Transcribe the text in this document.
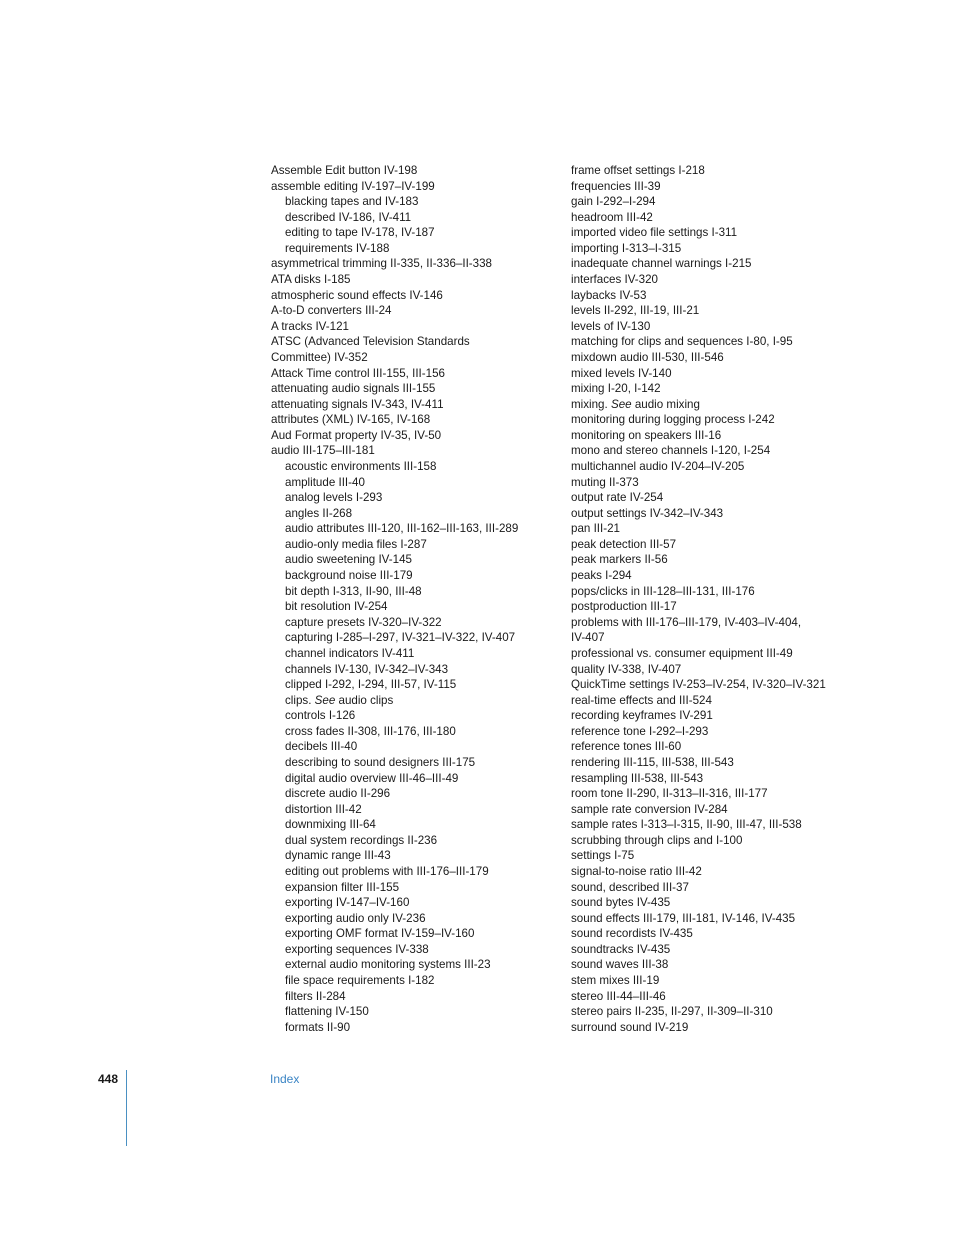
Assemble Edit button IV-198
assemble editing IV-197–IV-199
blacking tapes and IV-183
described IV-186, IV-411
editing to tape IV-178, IV-187
requirements IV-188
asymmetrical trimming II-335, II-336–II-338
ATA disks I-185
atmospheric sound effects IV-146
A-to-D converters III-24
A tracks IV-121
ATSC (Advanced Television Standards
Committee) IV-352
Attack Time control III-155, III-156
attenuating audio signals III-155
attenuating signals IV-343, IV-411
attributes (XML) IV-165, IV-168
Aud Format property IV-35, IV-50
audio III-175–III-181
acoustic environments III-158
amplitude III-40
analog levels I-293
angles II-268
audio attributes III-120, III-162–III-163, III-289
audio-only media files I-287
audio sweetening IV-145
background noise III-179
bit depth I-313, II-90, III-48
bit resolution IV-254
capture presets IV-320–IV-322
capturing I-285–I-297, IV-321–IV-322, IV-407
channel indicators IV-411
channels IV-130, IV-342–IV-343
clipped I-292, I-294, III-57, IV-115
clips. See audio clips
controls I-126
cross fades II-308, III-176, III-180
decibels III-40
describing to sound designers III-175
digital audio overview III-46–III-49
discrete audio II-296
distortion III-42
downmixing III-64
dual system recordings II-236
dynamic range III-43
editing out problems with III-176–III-179
expansion filter III-155
exporting IV-147–IV-160
exporting audio only IV-236
exporting OMF format IV-159–IV-160
exporting sequences IV-338
external audio monitoring systems III-23
file space requirements I-182
filters II-284
flattening IV-150
formats II-90
frame offset settings I-218
frequencies III-39
gain I-292–I-294
headroom III-42
imported video file settings I-311
importing I-313–I-315
inadequate channel warnings I-215
interfaces IV-320
laybacks IV-53
levels II-292, III-19, III-21
levels of IV-130
matching for clips and sequences I-80, I-95
mixdown audio III-530, III-546
mixed levels IV-140
mixing I-20, I-142
mixing. See audio mixing
monitoring during logging process I-242
monitoring on speakers III-16
mono and stereo channels I-120, I-254
multichannel audio IV-204–IV-205
muting II-373
output rate IV-254
output settings IV-342–IV-343
pan III-21
peak detection III-57
peak markers II-56
peaks I-294
pops/clicks in III-128–III-131, III-176
postproduction III-17
problems with III-176–III-179, IV-403–IV-404,
IV-407
professional vs. consumer equipment III-49
quality IV-338, IV-407
QuickTime settings IV-253–IV-254, IV-320–IV-321
real-time effects and III-524
recording keyframes IV-291
reference tone I-292–I-293
reference tones III-60
rendering III-115, III-538, III-543
resampling III-538, III-543
room tone II-290, II-313–II-316, III-177
sample rate conversion IV-284
sample rates I-313–I-315, II-90, III-47, III-538
scrubbing through clips and I-100
settings I-75
signal-to-noise ratio III-42
sound, described III-37
sound bytes IV-435
sound effects III-179, III-181, IV-146, IV-435
sound recordists IV-435
soundtracks IV-435
sound waves III-38
stem mixes III-19
stereo III-44–III-46
stereo pairs II-235, II-297, II-309–II-310
surround sound IV-219
448	Index
